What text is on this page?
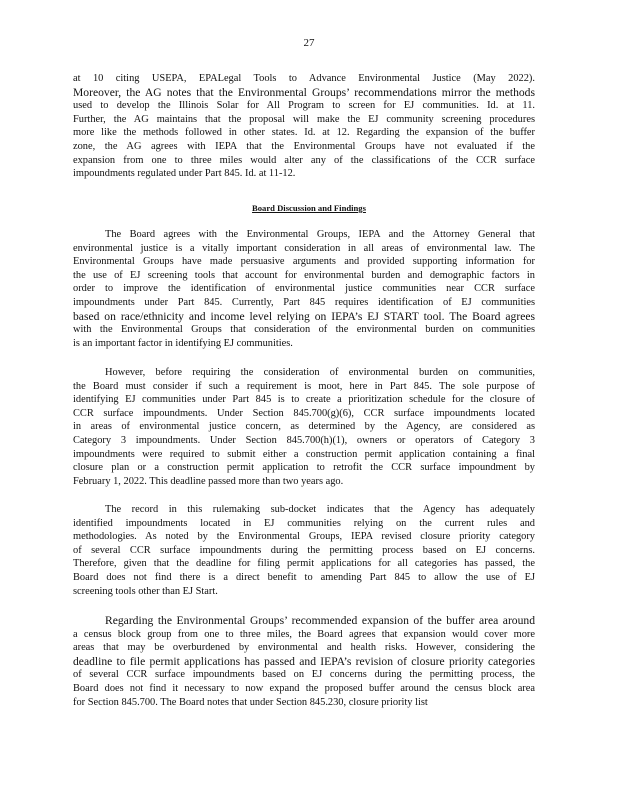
27
at 10 citing USEPA, EPALegal Tools to Advance Environmental Justice (May 2022).
Moreover, the AG notes that the Environmental Groups’ recommendations mirror the methods
used to develop the Illinois Solar for All Program to screen for EJ communities. Id. at 11.
Further, the AG maintains that the proposal will make the EJ community screening procedures
more like the methods followed in other states. Id. at 12. Regarding the expansion of the buffer
zone, the AG agrees with IEPA that the Environmental Groups have not evaluated if the
expansion from one to three miles would alter any of the classifications of the CCR surface
impoundments regulated under Part 845. Id. at 11-12.
Board Discussion and Findings
The Board agrees with the Environmental Groups, IEPA and the Attorney General that
environmental justice is a vitally important consideration in all areas of environmental law. The
Environmental Groups have made persuasive arguments and provided supporting information for
the use of EJ screening tools that account for environmental burden and demographic factors in
order to improve the identification of environmental justice communities near CCR surface
impoundments under Part 845. Currently, Part 845 requires identification of EJ communities
based on race/ethnicity and income level relying on IEPA’s EJ START tool. The Board agrees
with the Environmental Groups that consideration of the environmental burden on communities
is an important factor in identifying EJ communities.
However, before requiring the consideration of environmental burden on communities,
the Board must consider if such a requirement is moot, here in Part 845. The sole purpose of
identifying EJ communities under Part 845 is to create a prioritization schedule for the closure of
CCR surface impoundments. Under Section 845.700(g)(6), CCR surface impoundments located
in areas of environmental justice concern, as determined by the Agency, are considered as
Category 3 impoundments. Under Section 845.700(h)(1), owners or operators of Category 3
impoundments were required to submit either a construction permit application containing a final
closure plan or a construction permit application to retrofit the CCR surface impoundment by
February 1, 2022. This deadline passed more than two years ago.
The record in this rulemaking sub-docket indicates that the Agency has adequately
identified impoundments located in EJ communities relying on the current rules and
methodologies. As noted by the Environmental Groups, IEPA revised closure priority category
of several CCR surface impoundments during the permitting process based on EJ concerns.
Therefore, given that the deadline for filing permit applications for all categories has passed, the
Board does not find there is a direct benefit to amending Part 845 to allow the use of EJ
screening tools other than EJ Start.
Regarding the Environmental Groups’ recommended expansion of the buffer area around
a census block group from one to three miles, the Board agrees that expansion would cover more
areas that may be overburdened by environmental and health risks. However, considering the
deadline to file permit applications has passed and IEPA’s revision of closure priority categories
of several CCR surface impoundments based on EJ concerns during the permitting process, the
Board does not find it necessary to now expand the proposed buffer around the census block area
for Section 845.700. The Board notes that under Section 845.230, closure priority list
